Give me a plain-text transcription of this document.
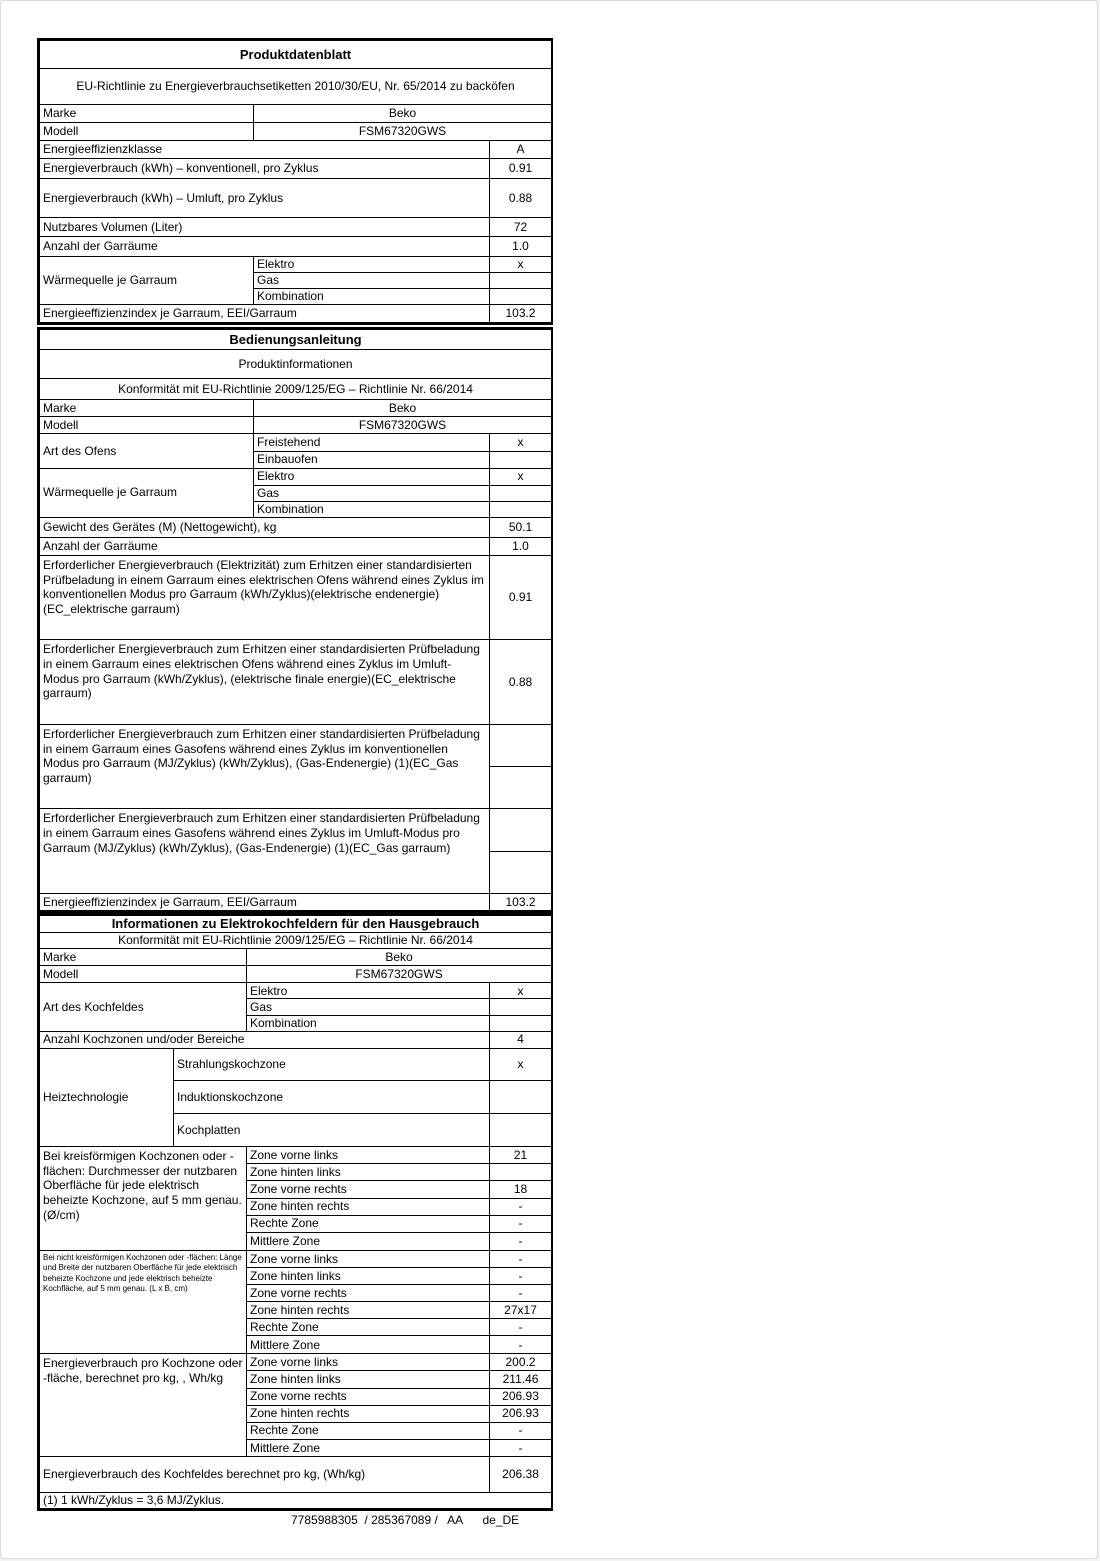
Produktdatenblatt		
EU-Richtlinie zu Energieverbrauchsetiketten 2010/30/EU, Nr. 65/2014 zu backöfen		
Marke	Beko	
Modell	FSM67320GWS	
Energieeffizienzklasse		A
Energieverbrauch (kWh) – konventionell, pro Zyklus		0.91
Energieverbrauch (kWh) – Umluft, pro Zyklus		0.88
Nutzbares Volumen (Liter)		72
Anzahl der Garräume		1.0
Wärmequelle je Garraum	Elektro	x
	Gas	
	Kombination	
Energieeffizienzindex je Garraum, EEI/Garraum		103.2
Bedienungsanleitung		
Produktinformationen		
Konformität mit EU-Richtlinie 2009/125/EG – Richtlinie Nr. 66/2014		
Marke	Beko	
Modell	FSM67320GWS	
Art des Ofens	Freistehend	x
	Einbauofen	
Wärmequelle je Garraum	Elektro	x
	Gas	
	Kombination	
Gewicht des Gerätes (M) (Nettogewicht), kg		50.1
Anzahl der Garräume		1.0
Erforderlicher Energieverbrauch (Elektrizität) zum Erhitzen einer standardisierten Prüfbeladung in einem Garraum eines elektrischen Ofens während eines Zyklus im konventionellen Modus pro Garraum (kWh/Zyklus)(elektrische endenergie)(EC_elektrische garraum)		0.91
Erforderlicher Energieverbrauch zum Erhitzen einer standardisierten Prüfbeladung in einem Garraum eines elektrischen Ofens während eines Zyklus im Umluft-Modus pro Garraum (kWh/Zyklus), (elektrische finale energie)(EC_elektrische garraum)		0.88
Erforderlicher Energieverbrauch zum Erhitzen einer standardisierten Prüfbeladung in einem Garraum eines Gasofens während eines Zyklus im konventionellen Modus pro Garraum (MJ/Zyklus) (kWh/Zyklus), (Gas-Endenergie) (1)(EC_Gas garraum)		

Erforderlicher Energieverbrauch zum Erhitzen einer standardisierten Prüfbeladung in einem Garraum eines Gasofens während eines Zyklus im Umluft-Modus pro Garraum (MJ/Zyklus) (kWh/Zyklus), (Gas-Endenergie) (1)(EC_Gas garraum)		

Energieeffizienzindex je Garraum, EEI/Garraum		103.2
Informationen zu Elektrokochfeldern für den Hausgebrauch			
Konformität mit EU-Richtlinie 2009/125/EG – Richtlinie Nr. 66/2014			
Marke		Beko	
Modell		FSM67320GWS	
Art des Kochfeldes		Elektro	x
		Gas	
		Kombination	
Anzahl Kochzonen und/oder Bereiche			4
Heiztechnologie	Strahlungskochzone		x
	Induktionskochzone		
	Kochplatten		
Bei kreisförmigen Kochzonen oder -flächen: Durchmesser der nutzbaren Oberfläche für jede elektrisch beheizte Kochzone, auf 5 mm genau. (Ø/cm)		Zone vorne links	21
		Zone hinten links	
		Zone vorne rechts	18
		Zone hinten rechts	-
		Rechte Zone	-
		Mittlere Zone	-
Bei nicht kreisförmigen Kochzonen oder -flächen: Länge und Breite der nutzbaren Oberfläche für jede elektrisch beheizte Kochzone und jede elektrisch beheizte Kochfläche, auf 5 mm genau. (L x B, cm)		Zone vorne links	-
		Zone hinten links	-
		Zone vorne rechts	-
		Zone hinten rechts	27x17
		Rechte Zone	-
		Mittlere Zone	-
Energieverbrauch pro Kochzone oder -fläche, berechnet pro kg, , Wh/kg		Zone vorne links	200.2
		Zone hinten links	211.46
		Zone vorne rechts	206.93
		Zone hinten rechts	206.93
		Rechte Zone	-
		Mittlere Zone	-
Energieverbrauch des Kochfeldes berechnet pro kg, (Wh/kg)			206.38
(1) 1 kWh/Zyklus = 3,6 MJ/Zyklus.			
7785988305  / 285367089 /   AA      de_DE
